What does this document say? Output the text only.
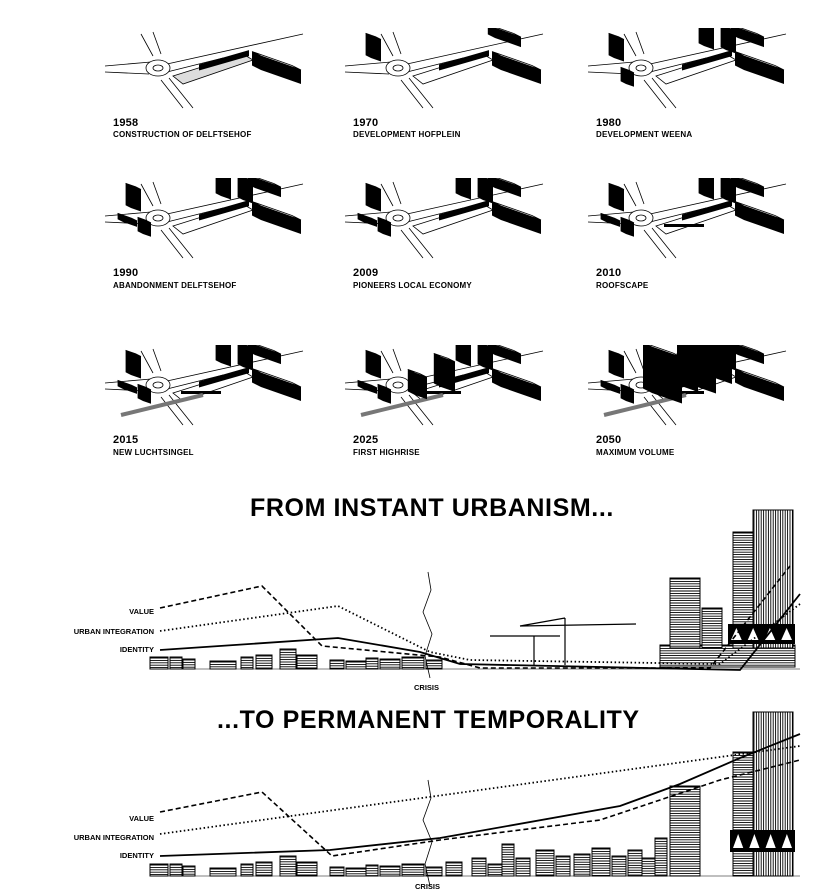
1958
CONSTRUCTION OF DELFTSEHOF
1970
DEVELOPMENT HOFPLEIN
1980
DEVELOPMENT WEENA
1990
ABANDONMENT DELFTSEHOF
2009
PIONEERS LOCAL ECONOMY
2010
ROOFSCAPE
2015
NEW LUCHTSINGEL
2025
FIRST HIGHRISE
2050
MAXIMUM VOLUME
FROM INSTANT URBANISM...
VALUE
URBAN INTEGRATION
IDENTITY
CRISIS
...TO PERMANENT TEMPORALITY
VALUE
URBAN INTEGRATION
IDENTITY
CRISIS
